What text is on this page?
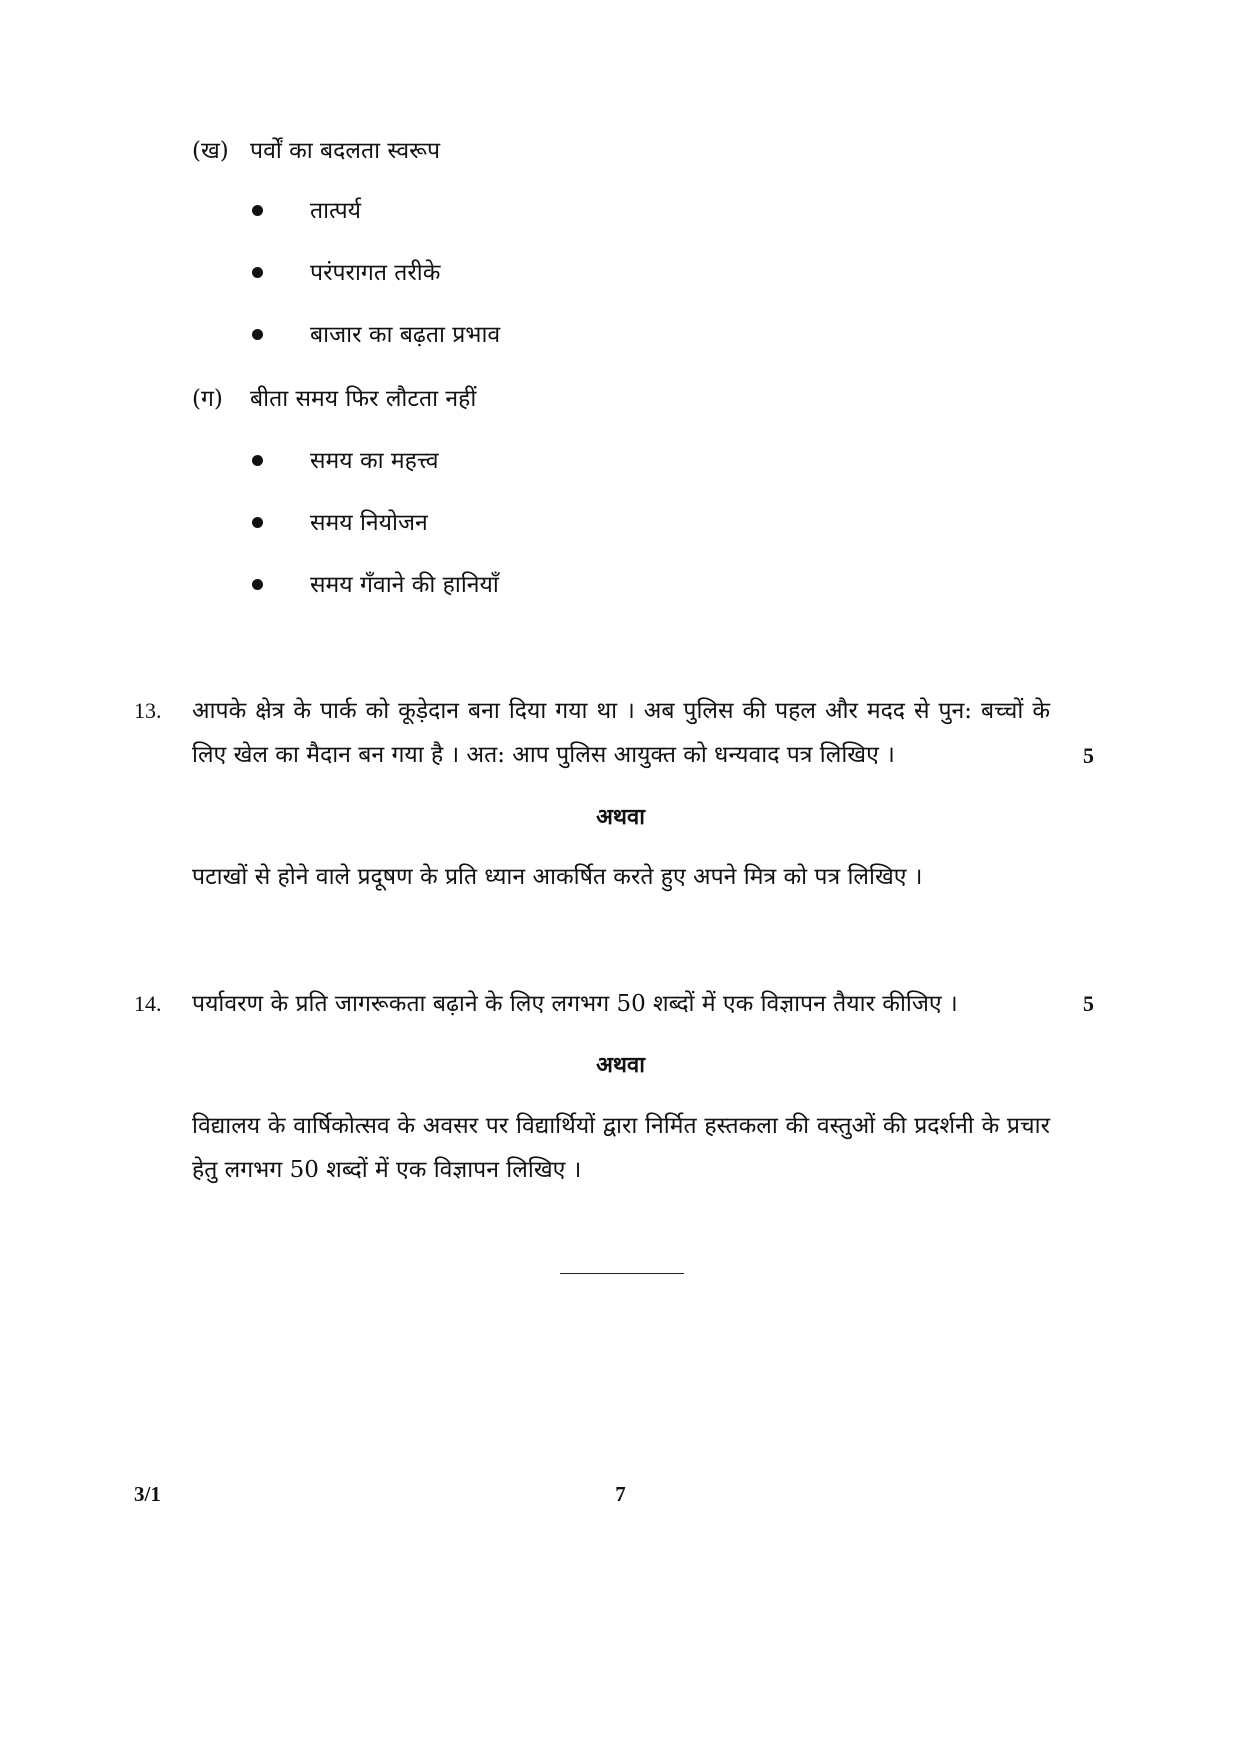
(ख) पर्वों का बदलता स्वरूप
तात्पर्य
परंपरागत तरीके
बाजार का बढ़ता प्रभाव
(ग) बीता समय फिर लौटता नहीं
समय का महत्त्व
समय नियोजन
समय गँवाने की हानियाँ
13. आपके क्षेत्र के पार्क को कूड़ेदान बना दिया गया था । अब पुलिस की पहल और मदद से पुन: बच्चों के लिए खेल का मैदान बन गया है । अत: आप पुलिस आयुक्त को धन्यवाद पत्र लिखिए ।	5
अथवा
पटाखों से होने वाले प्रदूषण के प्रति ध्यान आकर्षित करते हुए अपने मित्र को पत्र लिखिए ।
14. पर्यावरण के प्रति जागरूकता बढ़ाने के लिए लगभग 50 शब्दों में एक विज्ञापन तैयार कीजिए ।	5
अथवा
विद्यालय के वार्षिकोत्सव के अवसर पर विद्यार्थियों द्वारा निर्मित हस्तकला की वस्तुओं की प्रदर्शनी के प्रचार हेतु लगभग 50 शब्दों में एक विज्ञापन लिखिए ।
3/1	7
